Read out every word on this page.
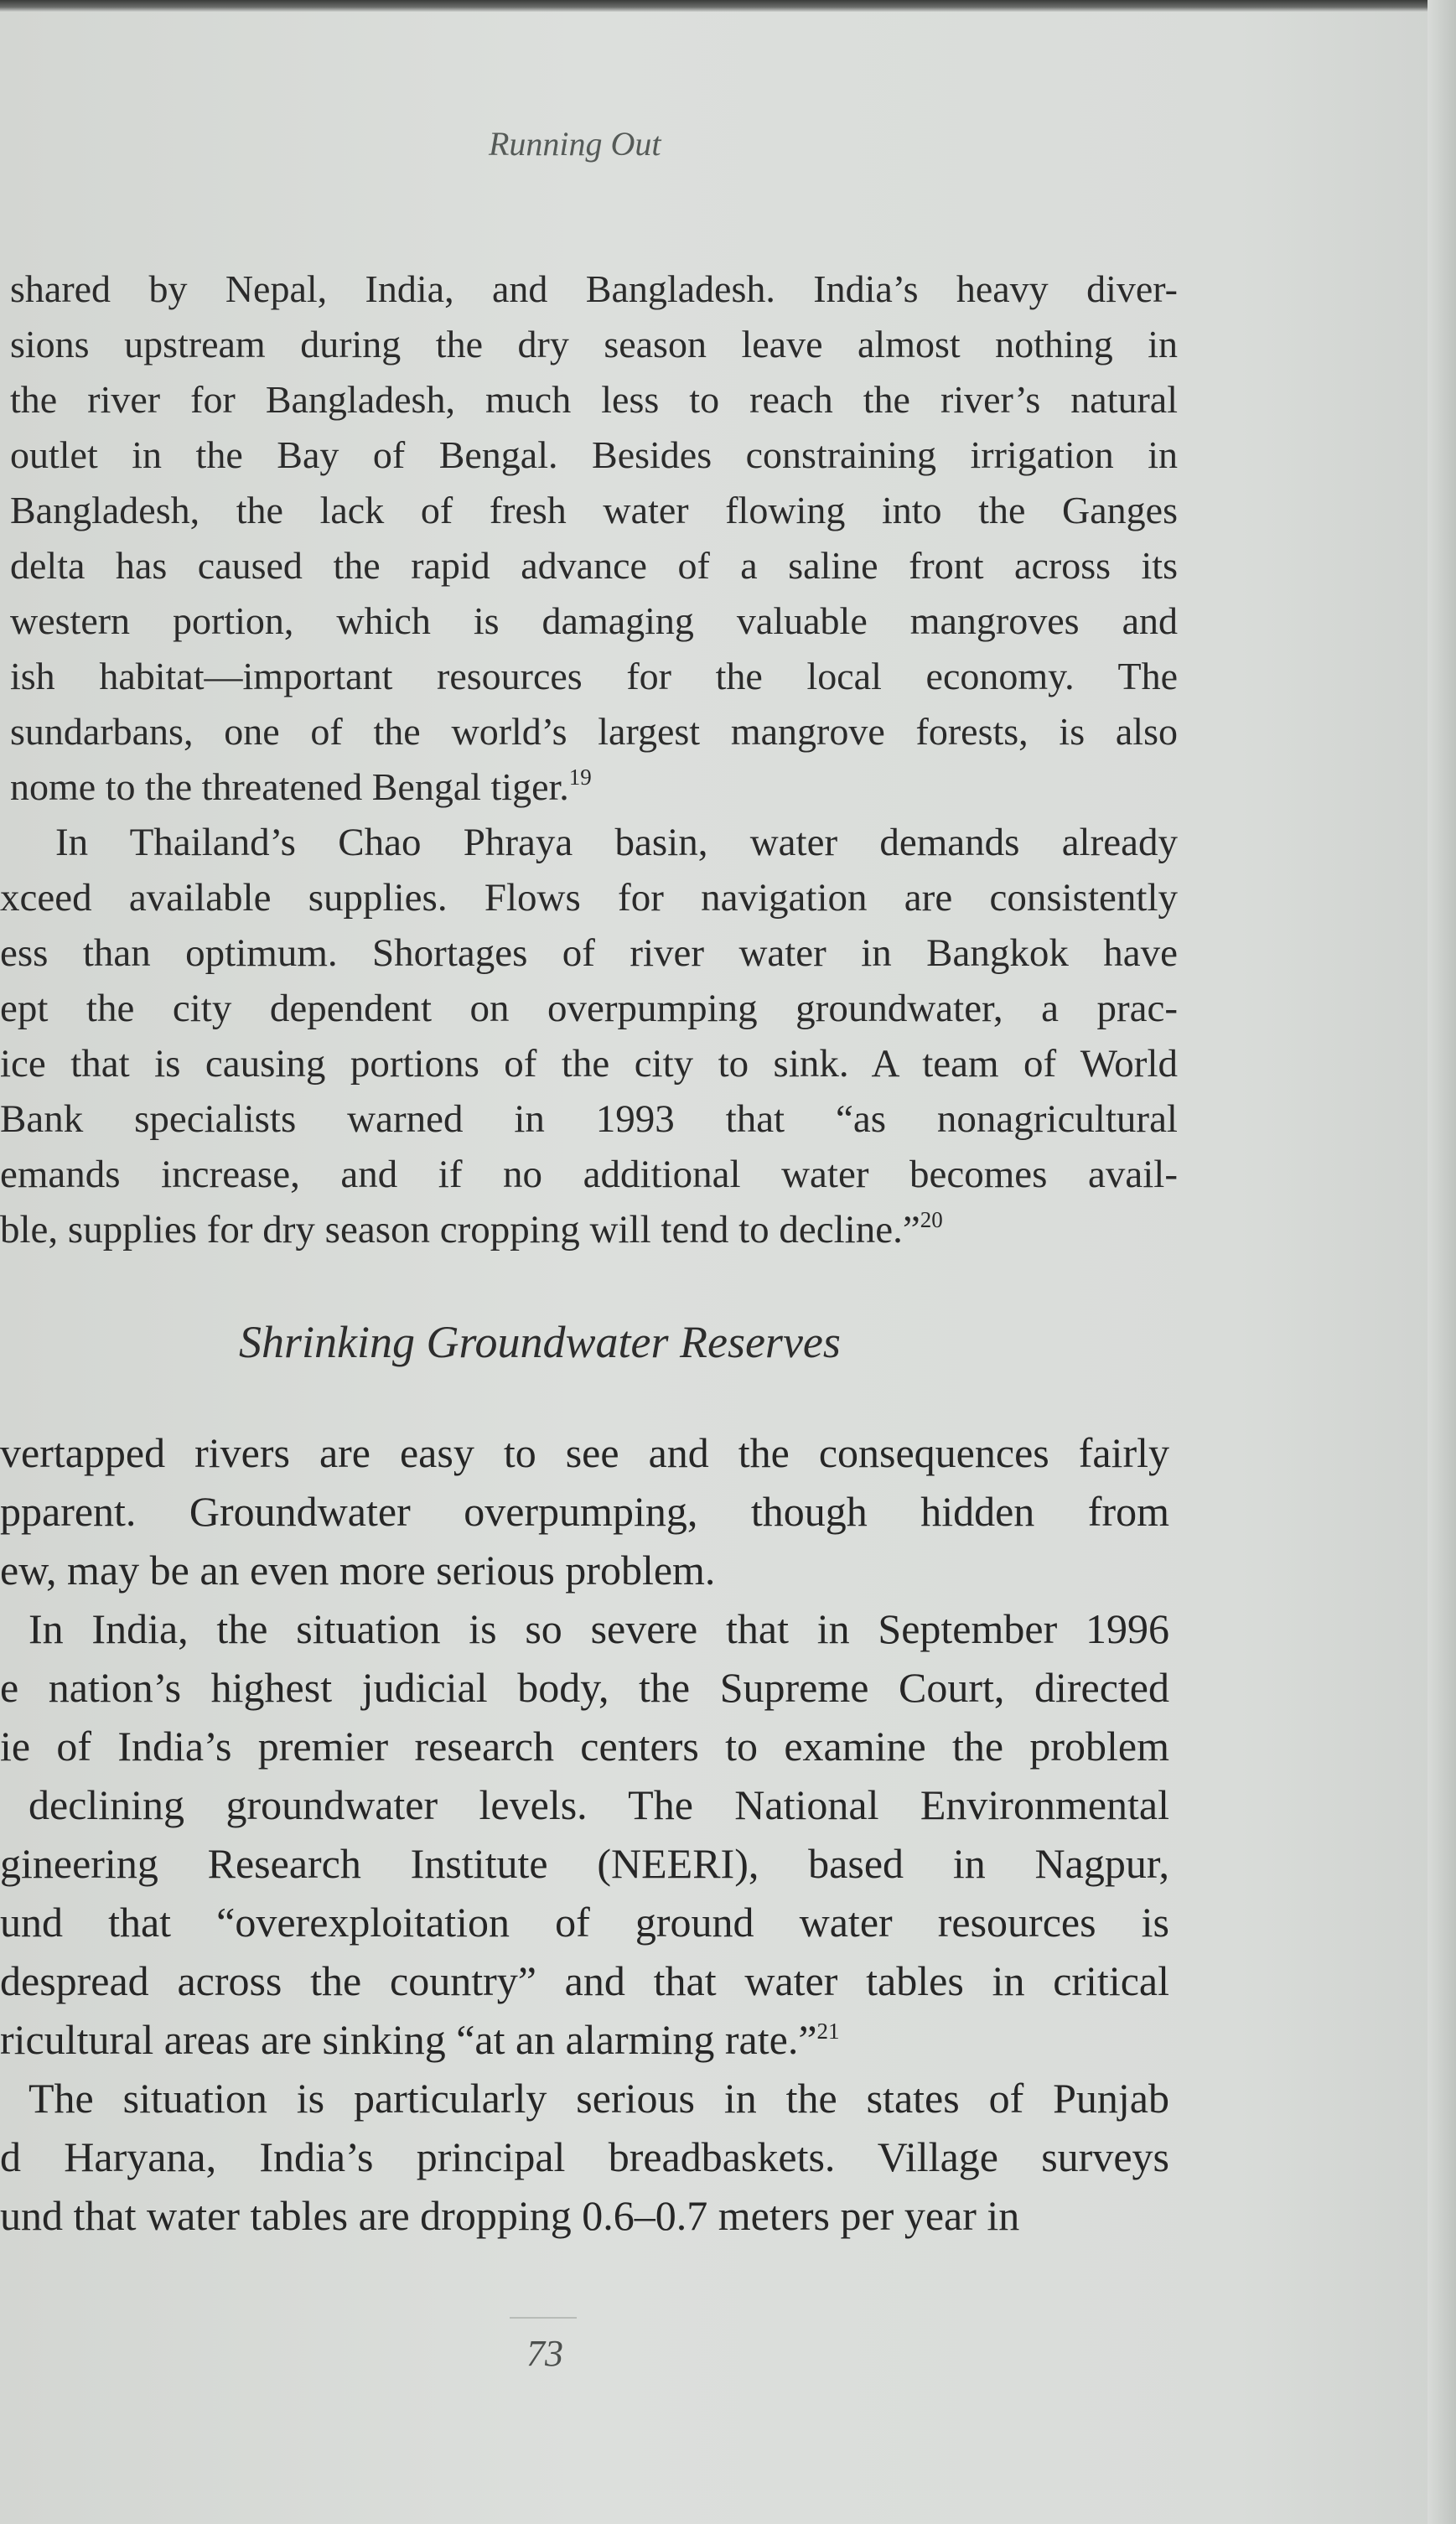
Running Out
shared by Nepal, India, and Bangladesh. India’s heavy diver-
sions upstream during the dry season leave almost nothing in
the river for Bangladesh, much less to reach the river’s natural
outlet in the Bay of Bengal. Besides constraining irrigation in
Bangladesh, the lack of fresh water flowing into the Ganges
delta has caused the rapid advance of a saline front across its
western portion, which is damaging valuable mangroves and
ish habitat—important resources for the local economy. The
sundarbans, one of the world’s largest mangrove forests, is also
nome to the threatened Bengal tiger.$^{19}$
In Thailand’s Chao Phraya basin, water demands already
xceed available supplies. Flows for navigation are consistently
ess than optimum. Shortages of river water in Bangkok have
ept the city dependent on overpumping groundwater, a prac-
ice that is causing portions of the city to sink. A team of World
Bank specialists warned in 1993 that “as nonagricultural
emands increase, and if no additional water becomes avail-
ble, supplies for dry season cropping will tend to decline.”$^{20}$
Shrinking Groundwater Reserves
vertapped rivers are easy to see and the consequences fairly
pparent. Groundwater overpumping, though hidden from
ew, may be an even more serious problem.
In India, the situation is so severe that in September 1996
e nation’s highest judicial body, the Supreme Court, directed
ie of India’s premier research centers to examine the problem
declining groundwater levels. The National Environmental
gineering Research Institute (NEERI), based in Nagpur,
und that “overexploitation of ground water resources is
despread across the country” and that water tables in critical
ricultural areas are sinking “at an alarming rate.”$^{21}$
The situation is particularly serious in the states of Punjab
d Haryana, India’s principal breadbaskets. Village surveys
und that water tables are dropping 0.6–0.7 meters per year in
73
